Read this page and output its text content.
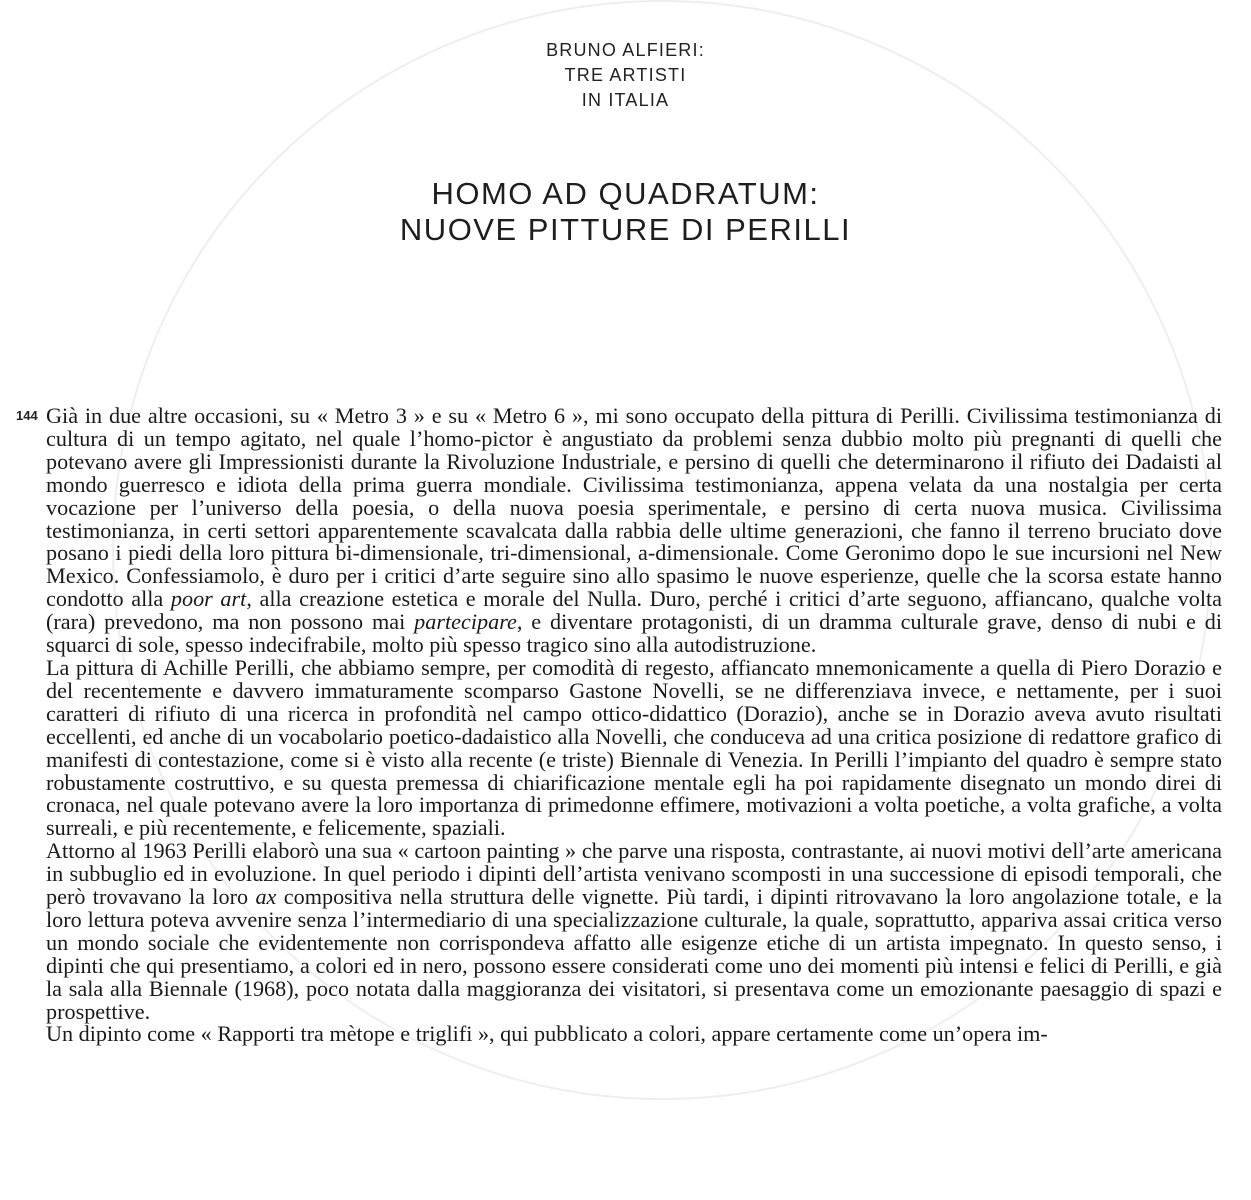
BRUNO ALFIERI:
TRE ARTISTI
IN ITALIA
HOMO AD QUADRATUM:
NUOVE PITTURE DI PERILLI
144 Già in due altre occasioni, su « Metro 3 » e su « Metro 6 », mi sono occupato della pittura di Perilli. Civilissima testimonianza di cultura di un tempo agitato, nel quale l’homo-pictor è angustiato da problemi senza dubbio molto più pregnanti di quelli che potevano avere gli Impressionisti durante la Rivoluzione Industriale, e persino di quelli che determinarono il rifiuto dei Dadaisti al mondo guerresco e idiota della prima guerra mondiale. Civilissima testimonianza, appena velata da una nostalgia per certa vocazione per l’universo della poesia, o della nuova poesia sperimentale, e persino di certa nuova musica. Civilissima testimonianza, in certi settori apparentemente scavalcata dalla rabbia delle ultime generazioni, che fanno il terreno bruciato dove posano i piedi della loro pittura bi-dimensionale, tri-dimensional, a-dimensionale. Come Geronimo dopo le sue incursioni nel New Mexico. Confessiamolo, è duro per i critici d’arte seguire sino allo spasimo le nuove esperienze, quelle che la scorsa estate hanno condotto alla poor art, alla creazione estetica e morale del Nulla. Duro, perché i critici d’arte seguono, affiancano, qualche volta (rara) prevedono, ma non possono mai partecipare, e diventare protagonisti, di un dramma culturale grave, denso di nubi e di squarci di sole, spesso indecifrabile, molto più spesso tragico sino alla autodistruzione.

La pittura di Achille Perilli, che abbiamo sempre, per comodità di regesto, affiancato mnemonicamente a quella di Piero Dorazio e del recentemente e davvero immaturamente scomparso Gastone Novelli, se ne differenziava invece, e nettamente, per i suoi caratteri di rifiuto di una ricerca in profondità nel campo ottico-didattico (Dorazio), anche se in Dorazio aveva avuto risultati eccellenti, ed anche di un vocabolario poetico-dadaistico alla Novelli, che conduceva ad una critica posizione di redattore grafico di manifesti di contestazione, come si è visto alla recente (e triste) Biennale di Venezia. In Perilli l’impianto del quadro è sempre stato robustamente costruttivo, e su questa premessa di chiarificazione mentale egli ha poi rapidamente disegnato un mondo direi di cronaca, nel quale potevano avere la loro importanza di primedonne effimere, motivazioni a volta poetiche, a volta grafiche, a volta surreali, e più recentemente, e felicemente, spaziali.

Attorno al 1963 Perilli elaborò una sua « cartoon painting » che parve una risposta, contrastante, ai nuovi motivi dell’arte americana in subbuglio ed in evoluzione. In quel periodo i dipinti dell’artista venivano scomposti in una successione di episodi temporali, che però trovavano la loro ax compositiva nella struttura delle vignette. Più tardi, i dipinti ritrovavano la loro angolazione totale, e la loro lettura poteva avvenire senza l’intermediario di una specializzazione culturale, la quale, soprattutto, appariva assai critica verso un mondo sociale che evidentemente non corrispondeva affatto alle esigenze etiche di un artista impegnato. In questo senso, i dipinti che qui presentiamo, a colori ed in nero, possono essere considerati come uno dei momenti più intensi e felici di Perilli, e già la sala alla Biennale (1968), poco notata dalla maggioranza dei visitatori, si presentava come un emozionante paesaggio di spazi e prospettive.

Un dipinto come « Rapporti tra mètope e triglifi », qui pubblicato a colori, appare certamente come un’opera im-
